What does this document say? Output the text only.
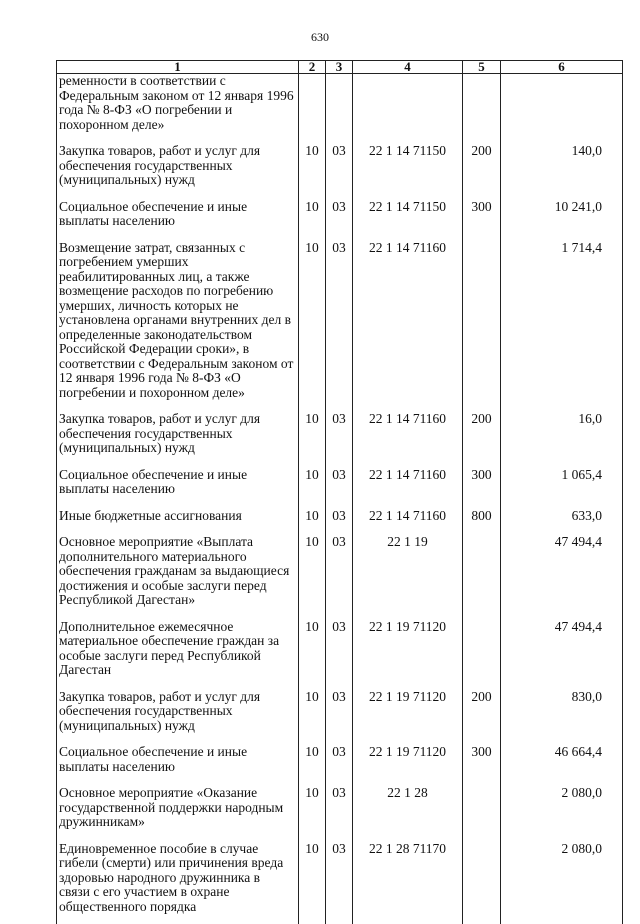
630
1	2	3	4	5	6
ременности в соответствии с Федеральным законом от 12 января 1996 года № 8-ФЗ «О погребении и похоронном деле»					
Закупка товаров, работ и услуг для обеспечения государственных (муниципальных) нужд	10	03	22 1 14 71150	200	140,0
Социальное обеспечение и иные выплаты населению	10	03	22 1 14 71150	300	10 241,0
Возмещение затрат, связанных с погребением умерших реабилитированных лиц, а также возмещение расходов по погребению умерших, личность которых не установлена органами внутренних дел в определенные законодательством Российской Федерации сроки», в соответствии с Федеральным законом от 12 января 1996 года № 8-ФЗ «О погребении и похоронном деле»	10	03	22 1 14 71160		1 714,4
Закупка товаров, работ и услуг для обеспечения государственных (муниципальных) нужд	10	03	22 1 14 71160	200	16,0
Социальное обеспечение и иные выплаты населению	10	03	22 1 14 71160	300	1 065,4
Иные бюджетные ассигнования	10	03	22 1 14 71160	800	633,0
Основное мероприятие «Выплата дополнительного материального обеспечения гражданам за выдающиеся достижения и особые заслуги перед Республикой Дагестан»	10	03	22 1 19		47 494,4
Дополнительное ежемесячное материальное обеспечение граждан за особые заслуги перед Республикой Дагестан	10	03	22 1 19 71120		47 494,4
Закупка товаров, работ и услуг для обеспечения государственных (муниципальных) нужд	10	03	22 1 19 71120	200	830,0
Социальное обеспечение и иные выплаты населению	10	03	22 1 19 71120	300	46 664,4
Основное мероприятие «Оказание государственной поддержки народным дружинникам»	10	03	22 1 28		2 080,0
Единовременное пособие в случае гибели (смерти) или причинения вреда здоровью народного дружинника в связи с его участием в охране общественного порядка	10	03	22 1 28 71170		2 080,0
